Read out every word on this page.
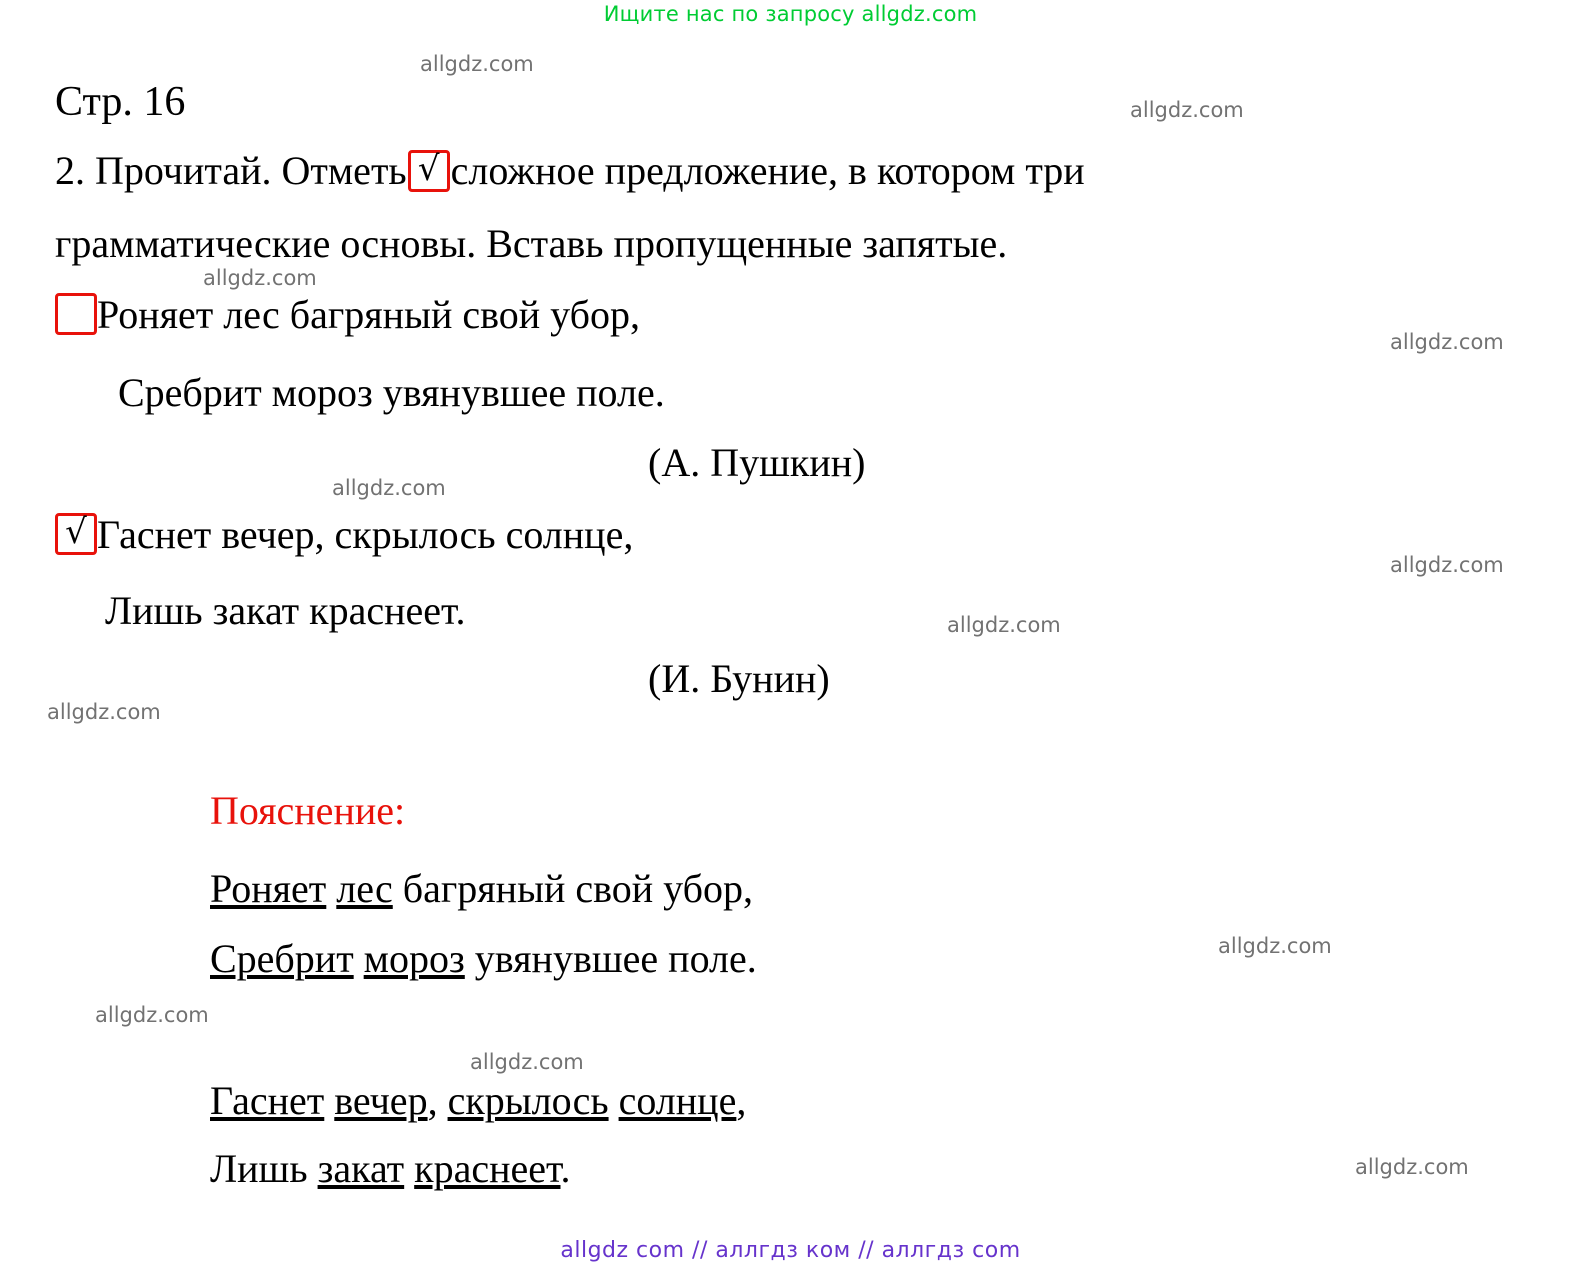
Ищите нас по запросу allgdz.com
Стр. 16
2. Прочитай. Отметь √ сложное предложение, в котором три
грамматические основы. Вставь пропущенные запятые.
Роняет лес багряный свой убор,
Сребрит мороз увянувшее поле.
(А. Пушкин)
√ Гаснет вечер, скрылось солнце,
Лишь закат краснеет.
(И. Бунин)
Пояснение:
Роняет лес багряный свой убор,
Сребрит мороз увянувшее поле.
Гаснет вечер, скрылось солнце,
Лишь закат краснеет.
allgdz com // аллгдз ком // аллгдз com
allgdz.com
allgdz.com
allgdz.com
allgdz.com
allgdz.com
allgdz.com
allgdz.com
allgdz.com
allgdz.com
allgdz.com
allgdz.com
allgdz.com
